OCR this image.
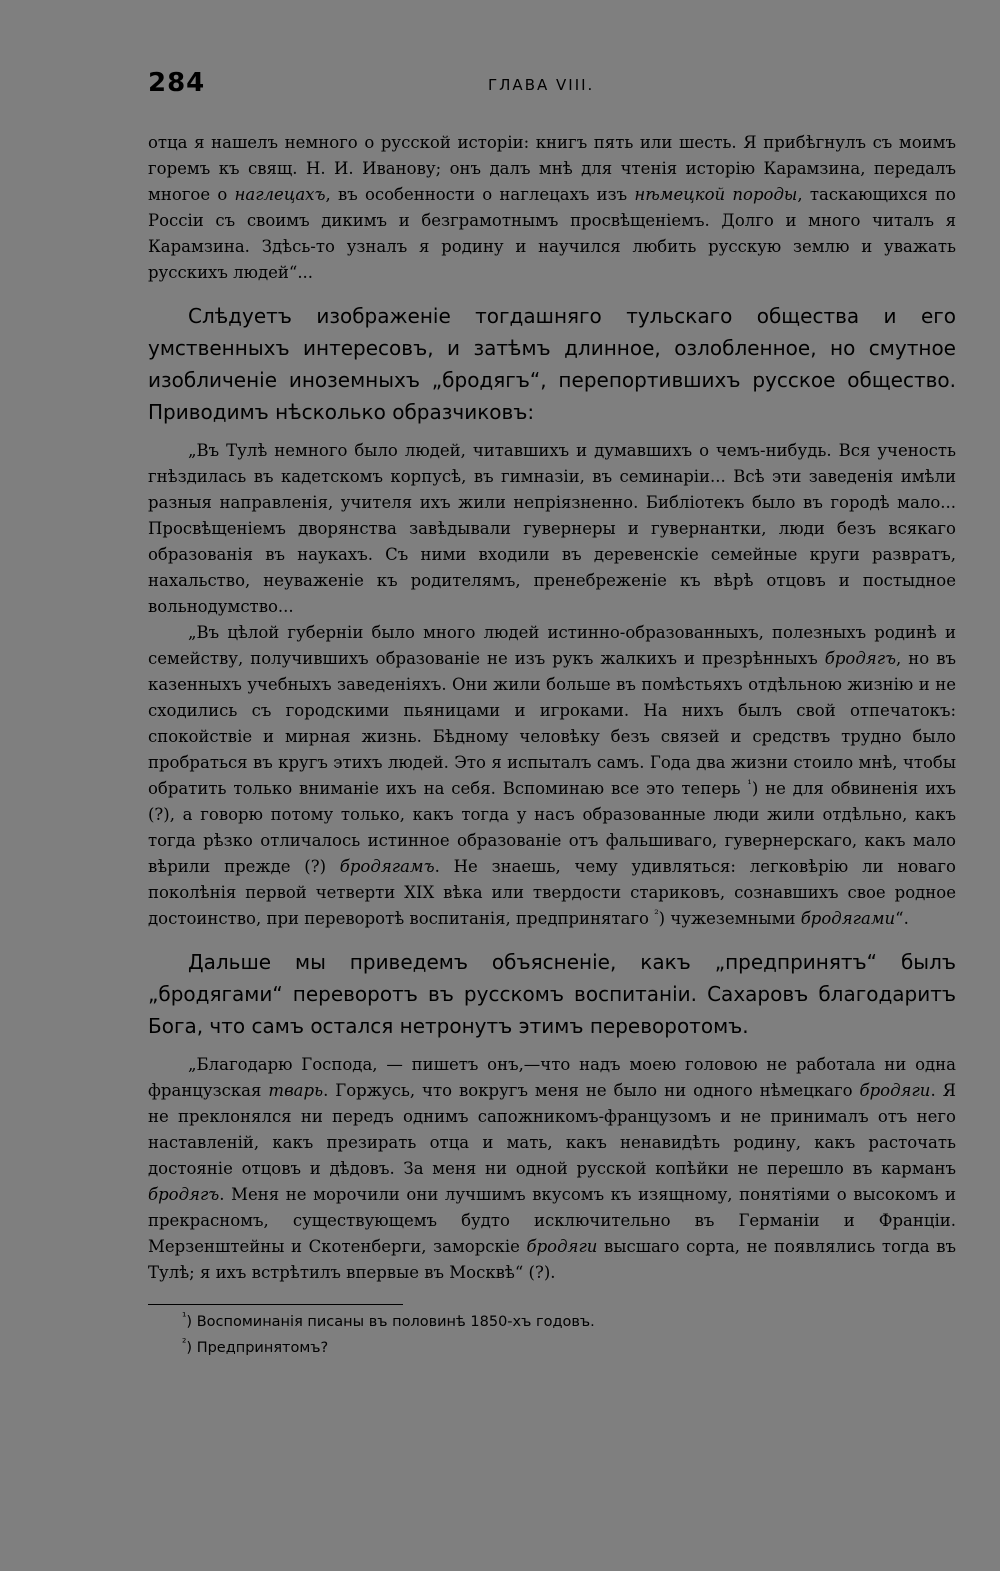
284	ГЛАВА VIII.

отца я нашелъ немного о русской исторіи: книгъ пять или шесть. Я прибѣгнулъ съ моимъ горемъ къ свящ. Н. И. Иванову; онъ далъ мнѣ для чтенія исторію Карамзина, передалъ многое о наглецахъ, въ особенности о наглецахъ изъ нѣмецкой породы, таскающихся по Россіи съ своимъ дикимъ и безграмотнымъ просвѣщеніемъ. Долго и много читалъ я Карамзина. Здѣсь-то узналъ я родину и научился любить русскую землю и уважать русскихъ людей“...

Слѣдуетъ изображеніе тогдашняго тульскаго общества и его умственныхъ интересовъ, и затѣмъ длинное, озлобленное, но смутное изобличеніе иноземныхъ „бродягъ“, перепортившихъ русское общество. Приводимъ нѣсколько образчиковъ:

„Въ Тулѣ немного было людей, читавшихъ и думавшихъ о чемъ-нибудь. Вся ученость гнѣздилась въ кадетскомъ корпусѣ, въ гимназіи, въ семинаріи... Всѣ эти заведенія имѣли разныя направленія, учителя ихъ жили непріязненно. Библіотекъ было въ городѣ мало... Просвѣщеніемъ дворянства завѣдывали гувернеры и гувернантки, люди безъ всякаго образованія въ наукахъ. Съ ними входили въ деревенскіе семейные круги развратъ, нахальство, неуваженіе къ родителямъ, пренебреженіе къ вѣрѣ отцовъ и постыдное вольнодумство...

„Въ цѣлой губерніи было много людей истинно-образованныхъ, полезныхъ родинѣ и семейству, получившихъ образованіе не изъ рукъ жалкихъ и презрѣнныхъ бродягъ, но въ казенныхъ учебныхъ заведеніяхъ. Они жили больше въ помѣстьяхъ отдѣльною жизнію и не сходились съ городскими пьяницами и игроками. На нихъ былъ свой отпечатокъ: спокойствіе и мирная жизнь. Бѣдному человѣку безъ связей и средствъ трудно было пробраться въ кругъ этихъ людей. Это я испыталъ самъ. Года два жизни стоило мнѣ, чтобы обратить только вниманіе ихъ на себя. Вспоминаю все это теперь $^{^1}$) не для обвиненія ихъ (?), а говорю потому только, какъ тогда у насъ образованные люди жили отдѣльно, какъ тогда рѣзко отличалось истинное образованіе отъ фальшиваго, гувернерскаго, какъ мало вѣрили прежде (?) бродягамъ. Не знаешь, чему удивляться: легковѣрію ли новаго поколѣнія первой четверти XIX вѣка или твердости стариковъ, сознавшихъ свое родное достоинство, при переворотѣ воспитанія, предпринятаго $^{^2}$) чужеземными бродягами“.

Дальше мы приведемъ объясненіе, какъ „предпринятъ“ былъ „бродягами“ переворотъ въ русскомъ воспитаніи. Сахаровъ благодаритъ Бога, что самъ остался нетронутъ этимъ переворотомъ.

„Благодарю Господа, — пишетъ онъ,—что надъ моею головою не работала ни одна французская тварь. Горжусь, что вокругъ меня не было ни одного нѣмецкаго бродяги. Я не преклонялся ни передъ однимъ сапожникомъ-французомъ и не принималъ отъ него наставленій, какъ презирать отца и мать, какъ ненавидѣть родину, какъ расточать достояніе отцовъ и дѣдовъ. За меня ни одной русской копѣйки не перешло въ карманъ бродягъ. Меня не морочили они лучшимъ вкусомъ къ изящному, понятіями о высокомъ и прекрасномъ, существующемъ будто исключительно въ Германіи и Франціи. Мерзенштейны и Скотенберги, заморскіе бродяги высшаго сорта, не появлялись тогда въ Тулѣ; я ихъ встрѣтилъ впервые въ Москвѣ“ (?).

$^{^1}$) Воспоминанія писаны въ половинѣ 1850-хъ годовъ.

$^{^2}$) Предпринятомъ?
